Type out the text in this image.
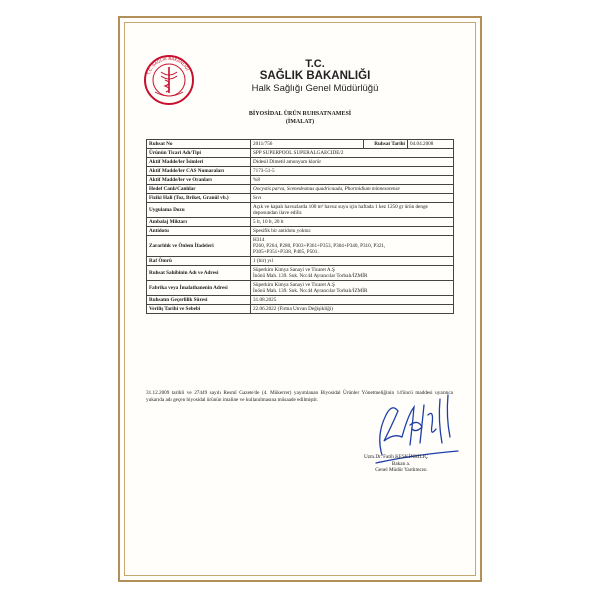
T.C. SAĞLIK BAKANLIĞI	T.C.
SAĞLIK BAKANLIĞI
Halk Sağlığı Genel Müdürlüğü
BİYOSİDAL ÜRÜN RUHSATNAMESİ
(İMALAT)
Ruhsat No	2011/756	Ruhsat Tarihi	04.04.2008
Ürünün Ticari Adı/Tipi	SPP SUPERPOOL SUPERALGAECIDE/2		
Aktif Madde/ler İsimleri	Didesil Dimetil amonyum klorür		
Aktif Madde/ler CAS Numaraları	7173-51-5		
Aktif Madde/ler ve Oranları	%8		
Hedef Canlı/Canlılar	Oocystis parva, Scenedesmus quadricauda, Phormidium minnesotense		
Fiziki Hali (Toz, Briket, Granül vb.)	Sıvı		
Uygulama Dozu	Açık ve kapalı havuzlarda 100 m³ havuz suyu için haftada 1 kez 1250 gr ürün denge deposundan ilave edilir.		
Ambalaj Miktarı	5 lt, 10 lt, 20 lt		
Antidotu	Spesifik bir antidotu yoktur.		
Zararlılık ve Önlem İfadeleri	H314
P260, P264, P280, P303+P361+P353, P304+P340, P310, P321,
P305+P351+P338, P405, P501.		

Raf Ömrü	1 (bir) yıl		
Ruhsat Sahibinin Adı ve Adresi	Süperkim Kimya Sanayi ve Ticaret A.Ş
İnönü Mah. 139. Sok. No:44 Ayrancılar Torbalı/İZMİR		

Fabrika veya İmalathanenin Adresi	Süperkim Kimya Sanayi ve Ticaret A.Ş
İnönü Mah. 139. Sok. No:44 Ayrancılar Torbalı/İZMİR		

Ruhsatın Geçerlilik Süresi	31.08.2025		
Veriliş Tarihi ve Sebebi	22.06.2022 (Firma Unvan Değişikliği)		
31.12.2009 tarihli ve 27449 sayılı Resmî Gazete'de (4. Mükerrer) yayımlanan Biyosidal Ürünler Yönetmeliğinin 14'üncü maddesi uyarınca yukarıda adı geçen biyosidal ürünün imaline ve kullanılmasına müsaade edilmiştir.
Uzm.Dr. Fatih KESKİNKILIÇ
Bakan a.
Genel Müdür Yardımcısı
